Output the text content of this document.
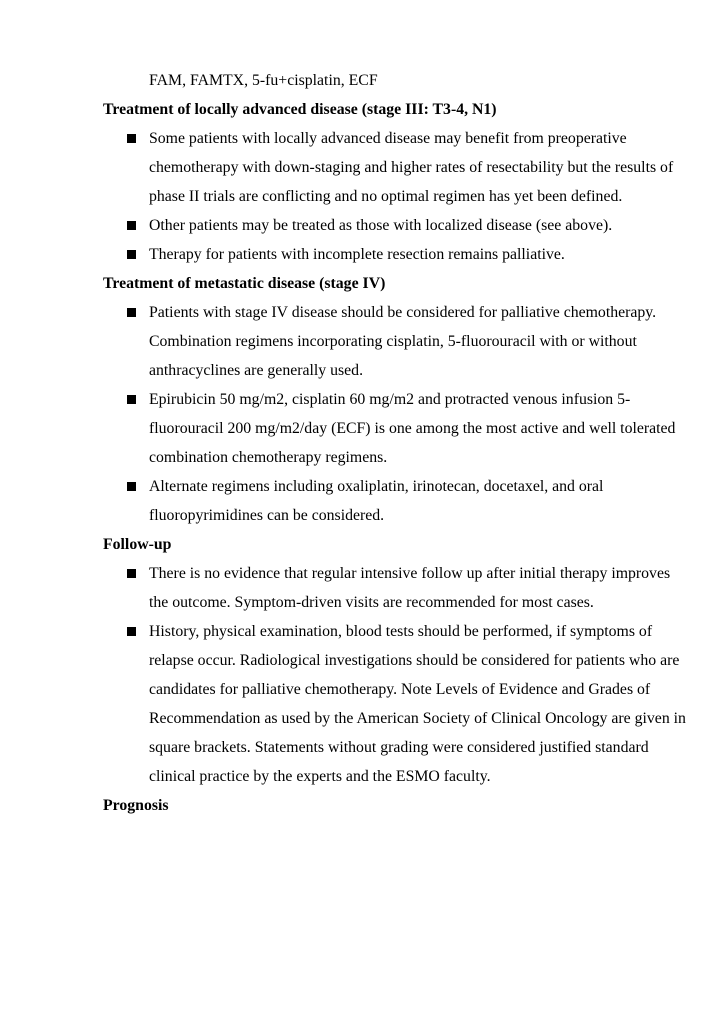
FAM, FAMTX, 5-fu+cisplatin, ECF

Treatment of locally advanced disease (stage III: T3-4, N1)

Some patients with locally advanced disease may benefit from preoperative chemotherapy with down-staging and higher rates of resectability but the results of phase II trials are conflicting and no optimal regimen has yet been defined.
Other patients may be treated as those with localized disease (see above).
Therapy for patients with incomplete resection remains palliative.

Treatment of metastatic disease (stage IV)

Patients with stage IV disease should be considered for palliative chemotherapy. Combination regimens incorporating cisplatin, 5-fluorouracil with or without anthracyclines are generally used.
Epirubicin 50 mg/m2, cisplatin 60 mg/m2 and protracted venous infusion 5-fluorouracil 200 mg/m2/day (ECF) is one among the most active and well tolerated combination chemotherapy regimens.
Alternate regimens including oxaliplatin, irinotecan, docetaxel, and oral fluoropyrimidines can be considered.

Follow-up

There is no evidence that regular intensive follow up after initial therapy improves the outcome. Symptom-driven visits are recommended for most cases.
History, physical examination, blood tests should be performed, if symptoms of relapse occur. Radiological investigations should be considered for patients who are candidates for palliative chemotherapy. Note Levels of Evidence and Grades of Recommendation as used by the American Society of Clinical Oncology are given in square brackets. Statements without grading were considered justified standard clinical practice by the experts and the ESMO faculty.

Prognosis
